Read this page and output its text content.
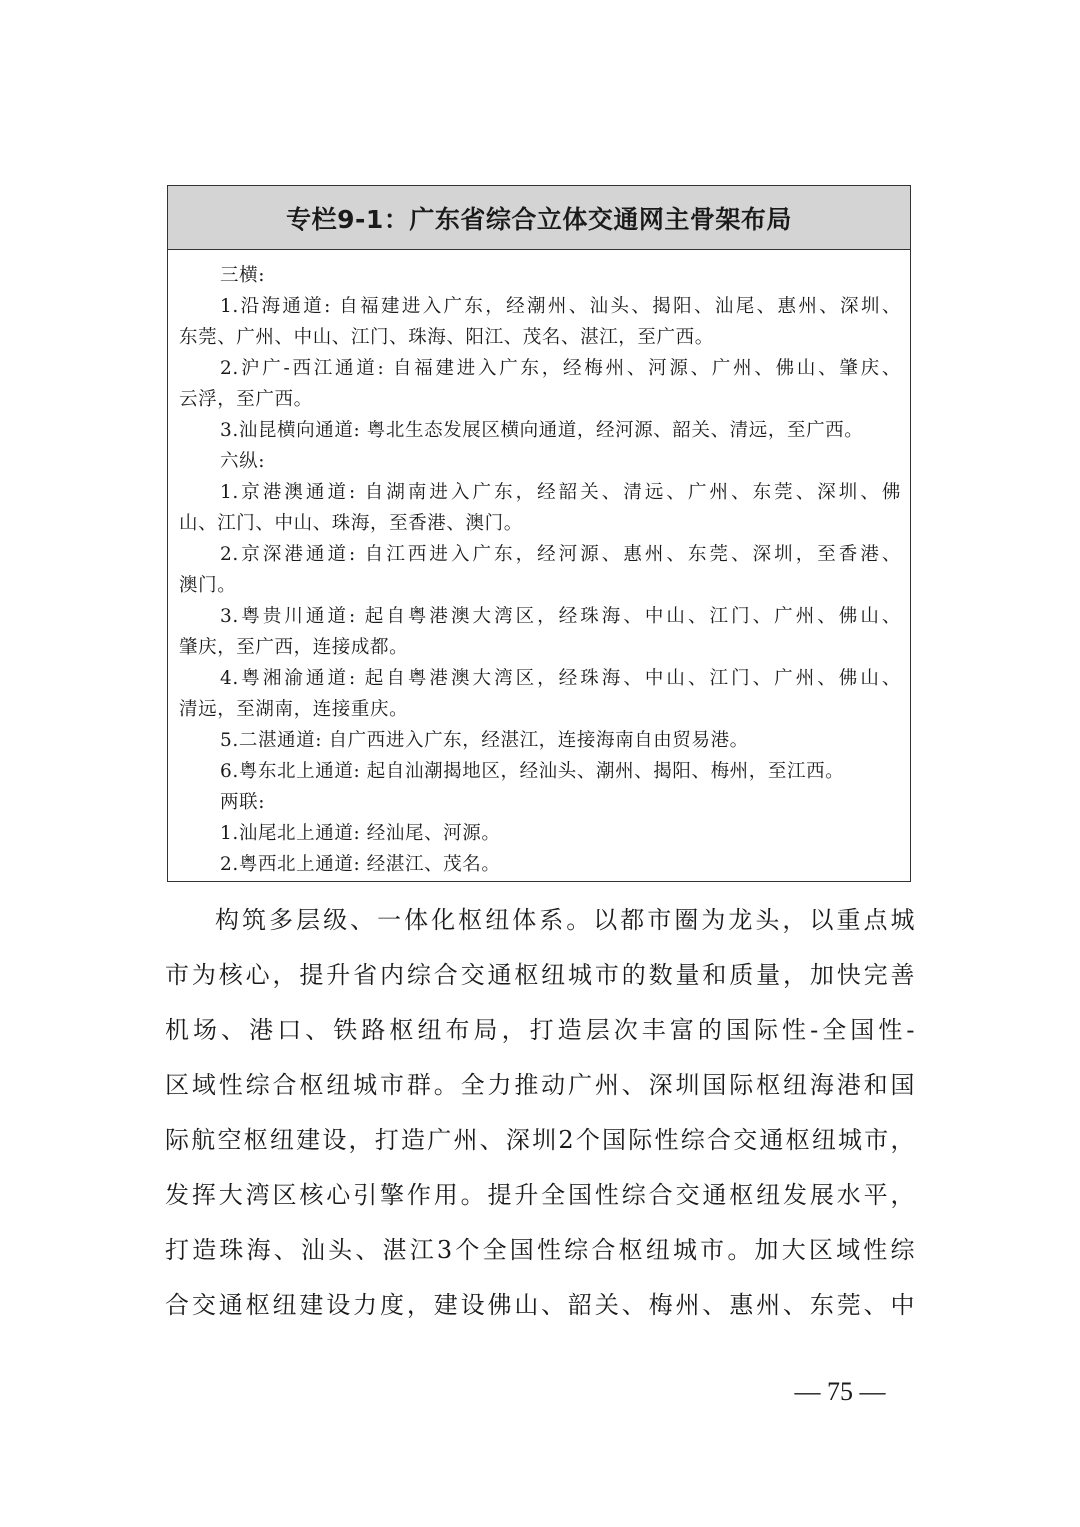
专栏9-1：广东省综合立体交通网主骨架布局

三横:

1.沿海通道: 自福建进入广东，经潮州、汕头、揭阳、汕尾、惠州、深圳、

东莞、广州、中山、江门、珠海、阳江、茂名、湛江，至广西。

2.沪广-西江通道: 自福建进入广东，经梅州、河源、广州、佛山、肇庆、

云浮，至广西。

3.汕昆横向通道: 粤北生态发展区横向通道，经河源、韶关、清远，至广西。

六纵:

1.京港澳通道: 自湖南进入广东，经韶关、清远、广州、东莞、深圳、佛

山、江门、中山、珠海，至香港、澳门。

2.京深港通道: 自江西进入广东，经河源、惠州、东莞、深圳，至香港、

澳门。

3.粤贵川通道: 起自粤港澳大湾区，经珠海、中山、江门、广州、佛山、

肇庆，至广西，连接成都。

4.粤湘渝通道: 起自粤港澳大湾区，经珠海、中山、江门、广州、佛山、

清远，至湖南，连接重庆。

5.二湛通道: 自广西进入广东，经湛江，连接海南自由贸易港。

6.粤东北上通道: 起自汕潮揭地区，经汕头、潮州、揭阳、梅州，至江西。

两联:

1.汕尾北上通道: 经汕尾、河源。

2.粤西北上通道: 经湛江、茂名。

构筑多层级、一体化枢纽体系。以都市圈为龙头，以重点城
市为核心，提升省内综合交通枢纽城市的数量和质量，加快完善
机场、港口、铁路枢纽布局，打造层次丰富的国际性-全国性-
区域性综合枢纽城市群。全力推动广州、深圳国际枢纽海港和国
际航空枢纽建设，打造广州、深圳2个国际性综合交通枢纽城市，
发挥大湾区核心引擎作用。提升全国性综合交通枢纽发展水平，
打造珠海、汕头、湛江3个全国性综合枢纽城市。加大区域性综
合交通枢纽建设力度，建设佛山、韶关、梅州、惠州、东莞、中
— 75 —
